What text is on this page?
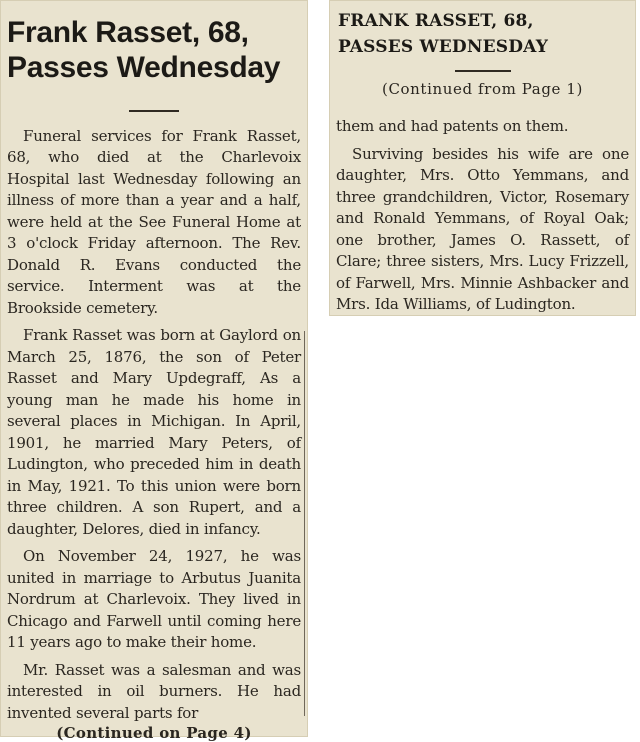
Frank Rasset, 68,
Passes Wednesday

Funeral services for Frank Rasset, 68, who died at the Charlevoix Hospital last Wednesday following an illness of more than a year and a half, were held at the See Funeral Home at 3 o'clock Friday afternoon. The Rev. Donald R. Evans conducted the service. Interment was at the Brookside cemetery.

Frank Rasset was born at Gaylord on March 25, 1876, the son of Peter Rasset and Mary Updegraff, As a young man he made his home in several places in Michigan. In April, 1901, he married Mary Peters, of Ludington, who preceded him in death in May, 1921. To this union were born three children. A son Rupert, and a daughter, Delores, died in infancy.

On November 24, 1927, he was united in marriage to Arbutus Juanita Nordrum at Charlevoix. They lived in Chicago and Farwell until coming here 11 years ago to make their home.

Mr. Rasset was a salesman and was interested in oil burners. He had invented several parts for

(Continued on Page 4)

FRANK RASSET, 68,
PASSES WEDNESDAY

(Continued from Page 1)

them and had patents on them.

Surviving besides his wife are one daughter, Mrs. Otto Yemmans, and three grandchildren, Victor, Rosemary and Ronald Yemmans, of Royal Oak; one brother, James O. Rassett, of Clare; three sisters, Mrs. Lucy Frizzell, of Farwell, Mrs. Minnie Ashbacker and Mrs. Ida Williams, of Ludington.
